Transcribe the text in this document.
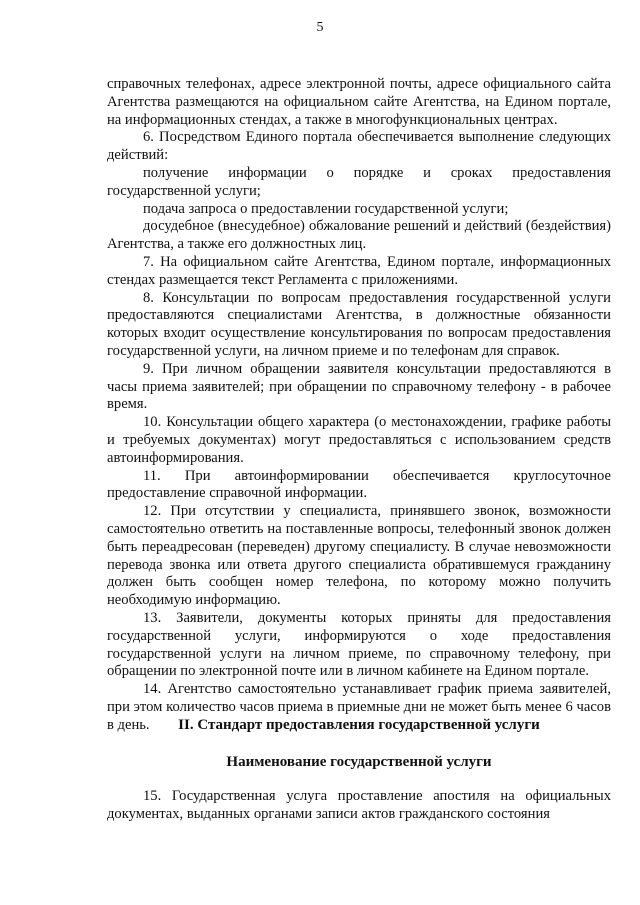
5

справочных телефонах, адресе электронной почты, адресе официального сайта Агентства размещаются на официальном сайте Агентства, на Едином портале, на информационных стендах, а также в многофункциональных центрах.

6. Посредством Единого портала обеспечивается выполнение следующих действий:

получение информации о порядке и сроках предоставления государственной услуги;

подача запроса о предоставлении государственной услуги;

досудебное (внесудебное) обжалование решений и действий (бездействия) Агентства, а также его должностных лиц.

7. На официальном сайте Агентства, Едином портале, информационных стендах размещается текст Регламента с приложениями.

8. Консультации по вопросам предоставления государственной услуги предоставляются специалистами Агентства, в должностные обязанности которых входит осуществление консультирования по вопросам предоставления государственной услуги, на личном приеме и по телефонам для справок.

9. При личном обращении заявителя консультации предоставляются в часы приема заявителей; при обращении по справочному телефону - в рабочее время.

10. Консультации общего характера (о местонахождении, графике работы и требуемых документах) могут предоставляться с использованием средств автоинформирования.

11. При автоинформировании обеспечивается круглосуточное предоставление справочной информации.

12. При отсутствии у специалиста, принявшего звонок, возможности самостоятельно ответить на поставленные вопросы, телефонный звонок должен быть переадресован (переведен) другому специалисту. В случае невозможности перевода звонка или ответа другого специалиста обратившемуся гражданину должен быть сообщен номер телефона, по которому можно получить необходимую информацию.

13. Заявители, документы которых приняты для предоставления государственной услуги, информируются о ходе предоставления государственной услуги на личном приеме, по справочному телефону, при обращении по электронной почте или в личном кабинете на Едином портале.

14. Агентство самостоятельно устанавливает график приема заявителей, при этом количество часов приема в приемные дни не может быть менее 6 часов в день.	II. Стандарт предоставления государственной услуги
Наименование государственной услуги

15. Государственная услуга проставление апостиля на официальных документах, выданных органами записи актов гражданского состояния
